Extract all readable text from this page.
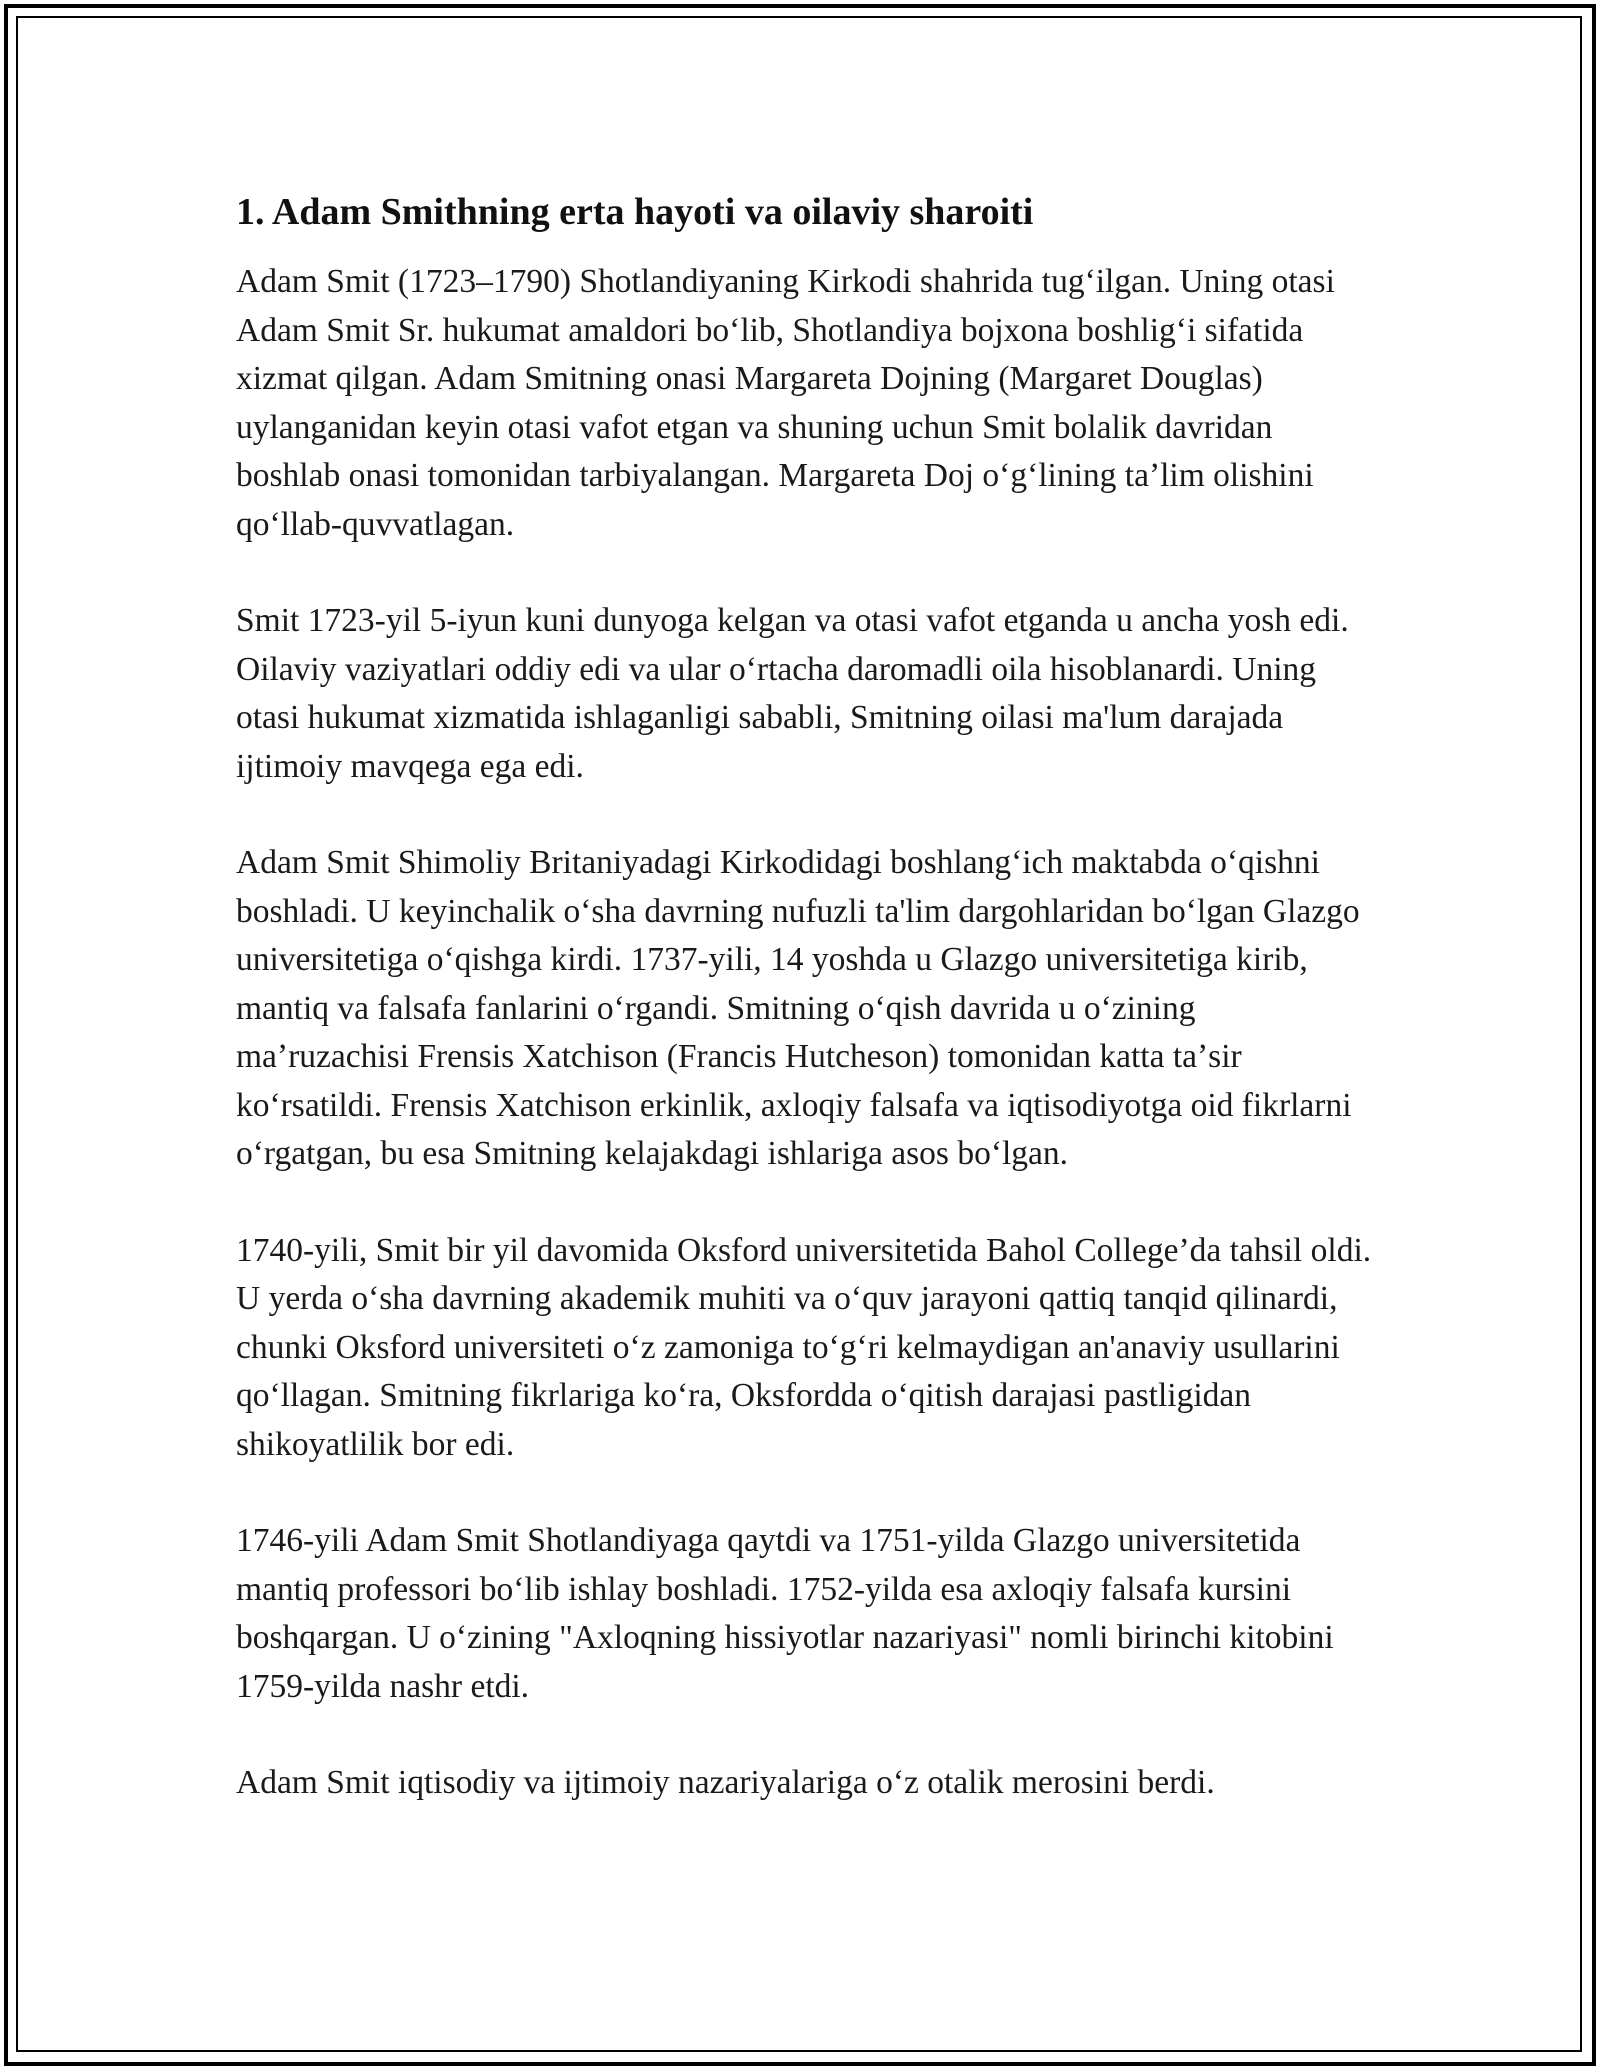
1. Adam Smithning erta hayoti va oilaviy sharoiti

Adam Smit (1723–1790) Shotlandiyaning Kirkodi shahrida tugʻilgan. Uning otasi Adam Smit Sr. hukumat amaldori boʻlib, Shotlandiya bojxona boshligʻi sifatida xizmat qilgan. Adam Smitning onasi Margareta Dojning (Margaret Douglas) uylanganidan keyin otasi vafot etgan va shuning uchun Smit bolalik davridan boshlab onasi tomonidan tarbiyalangan. Margareta Doj oʻgʻlining taʼlim olishini qoʻllab-quvvatlagan.

Smit 1723-yil 5-iyun kuni dunyoga kelgan va otasi vafot etganda u ancha yosh edi. Oilaviy vaziyatlari oddiy edi va ular oʻrtacha daromadli oila hisoblanardi. Uning otasi hukumat xizmatida ishlaganligi sababli, Smitning oilasi ma'lum darajada ijtimoiy mavqega ega edi.

Adam Smit Shimoliy Britaniyadagi Kirkodidagi boshlangʻich maktabda oʻqishni boshladi. U keyinchalik oʻsha davrning nufuzli ta'lim dargohlaridan boʻlgan Glazgo universitetiga oʻqishga kirdi. 1737-yili, 14 yoshda u Glazgo universitetiga kirib, mantiq va falsafa fanlarini oʻrgandi. Smitning oʻqish davrida u oʻzining maʼruzachisi Frensis Xatchison (Francis Hutcheson) tomonidan katta taʼsir koʻrsatildi. Frensis Xatchison erkinlik, axloqiy falsafa va iqtisodiyotga oid fikrlarni oʻrgatgan, bu esa Smitning kelajakdagi ishlariga asos boʻlgan.

1740-yili, Smit bir yil davomida Oksford universitetida Bahol College’da tahsil oldi. U yerda oʻsha davrning akademik muhiti va oʻquv jarayoni qattiq tanqid qilinardi, chunki Oksford universiteti oʻz zamoniga toʻgʻri kelmaydigan an'anaviy usullarini qoʻllagan. Smitning fikrlariga koʻra, Oksfordda oʻqitish darajasi pastligidan shikoyatlilik bor edi.

1746-yili Adam Smit Shotlandiyaga qaytdi va 1751-yilda Glazgo universitetida mantiq professori boʻlib ishlay boshladi. 1752-yilda esa axloqiy falsafa kursini boshqargan. U oʻzining "Axloqning hissiyotlar nazariyasi" nomli birinchi kitobini 1759-yilda nashr etdi.

Adam Smit iqtisodiy va ijtimoiy nazariyalariga oʻz otalik merosini berdi.
